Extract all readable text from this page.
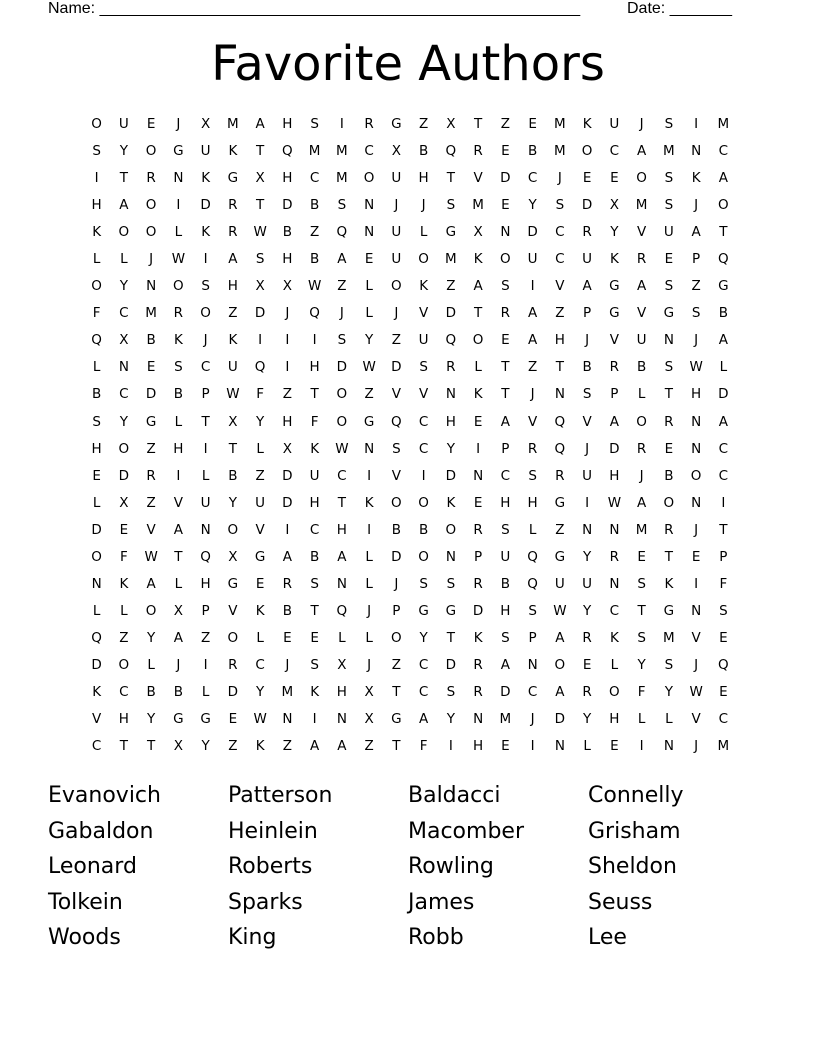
Name: ______________________________________________________

	Date: _______

Favorite Authors
O	U	E	J	X	M	A	H	S	I	R	G	Z	X	T	Z	E	M	K	U	J	S	I	M
S	Y	O	G	U	K	T	Q	M	M	C	X	B	Q	R	E	B	M	O	C	A	M	N	C
I	T	R	N	K	G	X	H	C	M	O	U	H	T	V	D	C	J	E	E	O	S	K	A
H	A	O	I	D	R	T	D	B	S	N	J	J	S	M	E	Y	S	D	X	M	S	J	O
K	O	O	L	K	R	W	B	Z	Q	N	U	L	G	X	N	D	C	R	Y	V	U	A	T
L	L	J	W	I	A	S	H	B	A	E	U	O	M	K	O	U	C	U	K	R	E	P	Q
O	Y	N	O	S	H	X	X	W	Z	L	O	K	Z	A	S	I	V	A	G	A	S	Z	G
F	C	M	R	O	Z	D	J	Q	J	L	J	V	D	T	R	A	Z	P	G	V	G	S	B
Q	X	B	K	J	K	I	I	I	S	Y	Z	U	Q	O	E	A	H	J	V	U	N	J	A
L	N	E	S	C	U	Q	I	H	D	W	D	S	R	L	T	Z	T	B	R	B	S	W	L
B	C	D	B	P	W	F	Z	T	O	Z	V	V	N	K	T	J	N	S	P	L	T	H	D
S	Y	G	L	T	X	Y	H	F	O	G	Q	C	H	E	A	V	Q	V	A	O	R	N	A
H	O	Z	H	I	T	L	X	K	W	N	S	C	Y	I	P	R	Q	J	D	R	E	N	C
E	D	R	I	L	B	Z	D	U	C	I	V	I	D	N	C	S	R	U	H	J	B	O	C
L	X	Z	V	U	Y	U	D	H	T	K	O	O	K	E	H	H	G	I	W	A	O	N	I
D	E	V	A	N	O	V	I	C	H	I	B	B	O	R	S	L	Z	N	N	M	R	J	T
O	F	W	T	Q	X	G	A	B	A	L	D	O	N	P	U	Q	G	Y	R	E	T	E	P
N	K	A	L	H	G	E	R	S	N	L	J	S	S	R	B	Q	U	U	N	S	K	I	F
L	L	O	X	P	V	K	B	T	Q	J	P	G	G	D	H	S	W	Y	C	T	G	N	S
Q	Z	Y	A	Z	O	L	E	E	L	L	O	Y	T	K	S	P	A	R	K	S	M	V	E
D	O	L	J	I	R	C	J	S	X	J	Z	C	D	R	A	N	O	E	L	Y	S	J	Q
K	C	B	B	L	D	Y	M	K	H	X	T	C	S	R	D	C	A	R	O	F	Y	W	E
V	H	Y	G	G	E	W	N	I	N	X	G	A	Y	N	M	J	D	Y	H	L	L	V	C
C	T	T	X	Y	Z	K	Z	A	A	Z	T	F	I	H	E	I	N	L	E	I	N	J	M
Evanovich	Patterson	Baldacci	Connelly
Gabaldon	Heinlein	Macomber	Grisham
Leonard	Roberts	Rowling	Sheldon
Tolkein	Sparks	James	Seuss
Woods	King	Robb	Lee
